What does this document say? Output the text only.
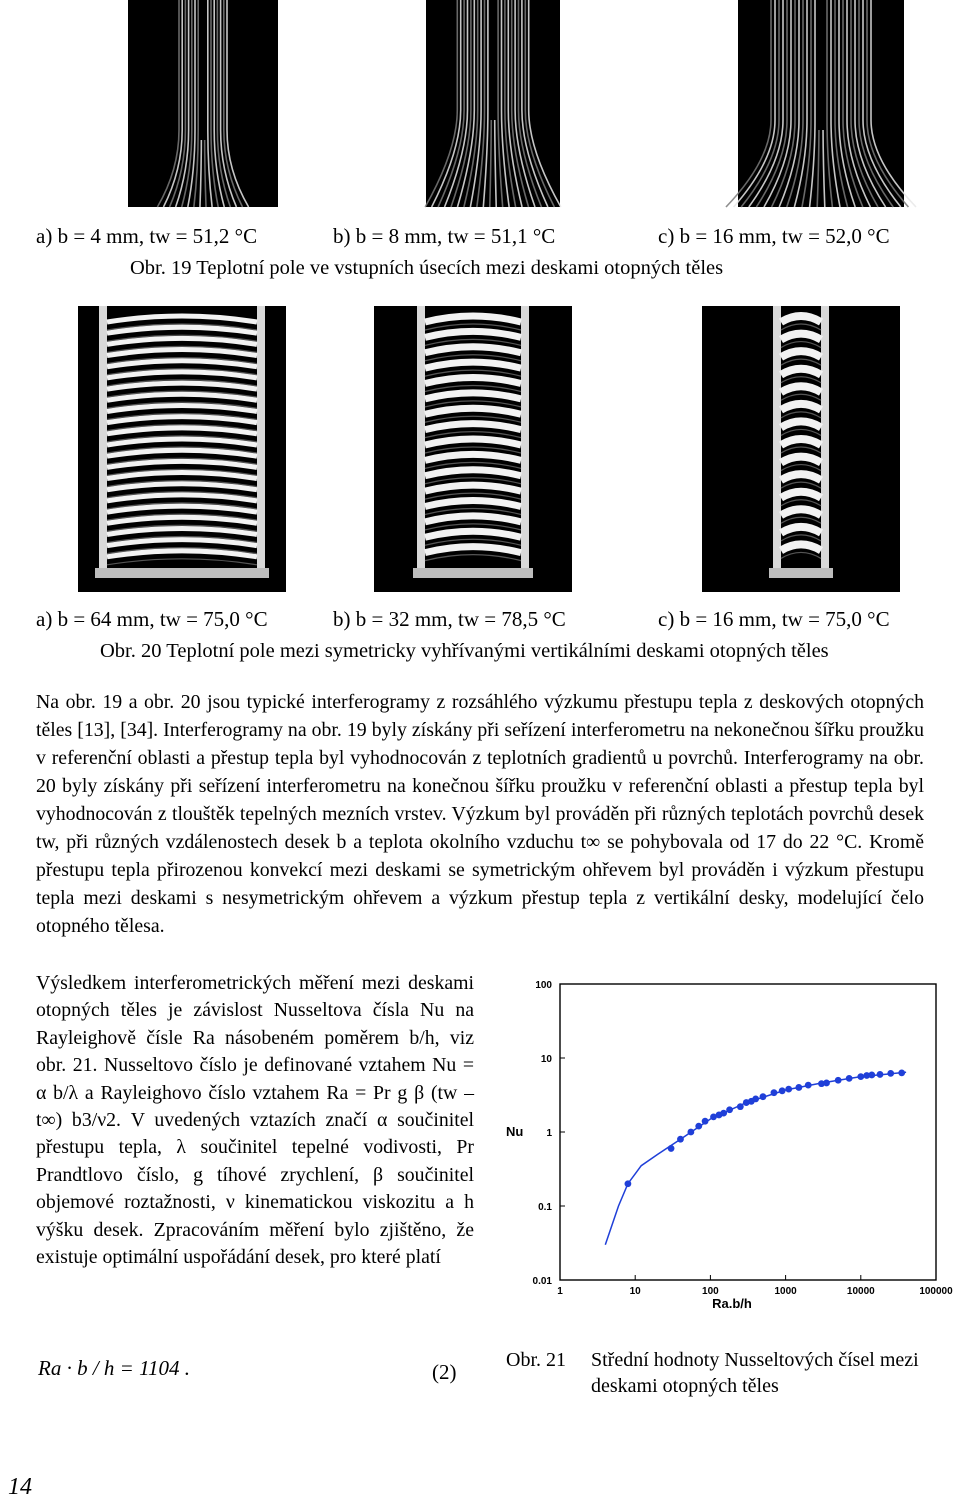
a) b = 4 mm, tw = 51,2 °C	b) b = 8 mm, tw = 51,1 °C	c) b = 16 mm, tw = 52,0 °C
Obr. 19 Teplotní pole ve vstupních úsecích mezi deskami otopných těles
a) b = 64 mm, tw = 75,0 °C	b) b = 32 mm, tw = 78,5 °C	c) b = 16 mm, tw = 75,0 °C
Obr. 20 Teplotní pole mezi symetricky vyhřívanými vertikálními deskami otopných těles

Na obr. 19 a obr. 20 jsou typické interferogramy z rozsáhlého výzkumu přestupu tepla z deskových otopných těles [13], [34]. Interferogramy na obr. 19 byly získány při seřízení interferometru na nekonečnou šířku proužku v referenční oblasti a přestup tepla byl vyhodnocován z teplotních gradientů u povrchů. Interferogramy na obr. 20 byly získány při seřízení interferometru na konečnou šířku proužku v referenční oblasti a přestup tepla byl vyhodnocován z tlouštěk tepelných mezních vrstev. Výzkum byl prováděn při různých teplotách povrchů desek tw, při různých vzdálenostech desek b a teplota okolního vzduchu t∞ se pohybovala od 17 do 22 °C. Kromě přestupu tepla přirozenou konvekcí mezi deskami se symetrickým ohřevem byl prováděn i výzkum přestupu tepla mezi deskami s nesymetrickým ohřevem a výzkum přestup tepla z vertikální desky, modelující čelo otopného tělesa.

Výsledkem interferometrických měření mezi deskami otopných těles je závislost Nusseltova čísla Nu na Rayleighově čísle Ra násobeném poměrem b/h, viz obr. 21. Nusseltovo číslo je definované vztahem Nu = α b/λ a Rayleighovo číslo vztahem Ra = Pr g β (tw – t∞) b3/ν2. V uvedených vztazích značí α součinitel přestupu tepla, λ součinitel tepelné vodivosti, Pr Prandtlovo číslo, g tíhové zrychlení, β součinitel objemové roztažnosti, ν kinematickou viskozitu a h výšku desek. Zpracováním měření bylo zjištěno, že existuje optimální uspořádání desek, pro které platí

Ra · b / h = 1104 .	(2)
1	10	100	1000	10000	100000
100
10
1
0.1
0.01
Nu
Ra.b/h
Obr. 21 Střední hodnoty Nusseltových čísel mezi deskami otopných těles
14
